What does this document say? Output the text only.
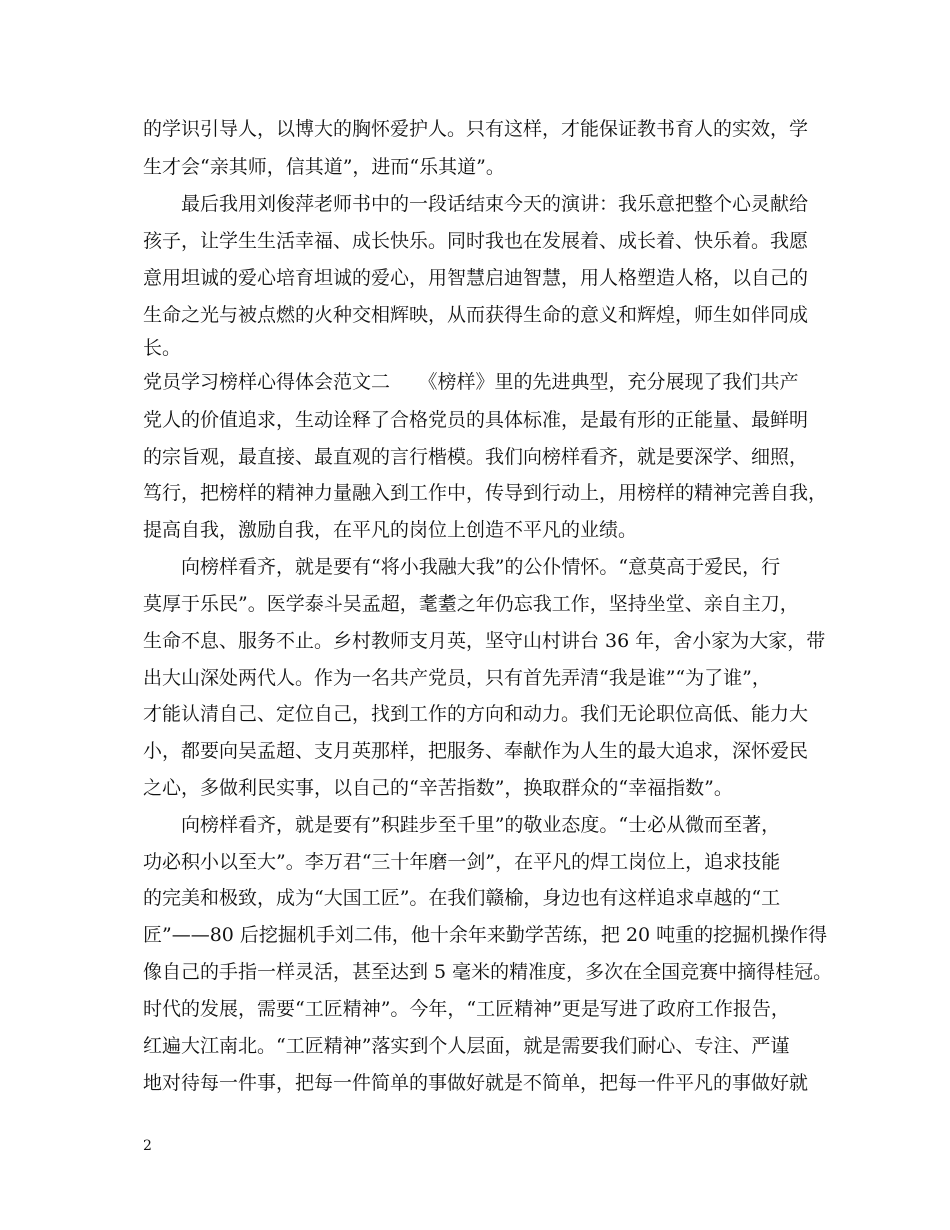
的学识引导人，以博大的胸怀爱护人。只有这样，才能保证教书育人的实效，学
生才会“亲其师，信其道”，进而“乐其道”。
最后我用刘俊萍老师书中的一段话结束今天的演讲：我乐意把整个心灵献给
孩子，让学生生活幸福、成长快乐。同时我也在发展着、成长着、快乐着。我愿
意用坦诚的爱心培育坦诚的爱心，用智慧启迪智慧，用人格塑造人格，以自己的
生命之光与被点燃的火种交相辉映，从而获得生命的意义和辉煌，师生如伴同成
长。
党员学习榜样心得体会范文二　　《榜样》里的先进典型，充分展现了我们共产
党人的价值追求，生动诠释了合格党员的具体标准，是最有形的正能量、最鲜明
的宗旨观，最直接、最直观的言行楷模。我们向榜样看齐，就是要深学、细照，
笃行，把榜样的精神力量融入到工作中，传导到行动上，用榜样的精神完善自我，
提高自我，激励自我，在平凡的岗位上创造不平凡的业绩。
向榜样看齐，就是要有“将小我融大我”的公仆情怀。“意莫高于爱民，行
莫厚于乐民”。医学泰斗吴孟超，耄耋之年仍忘我工作，坚持坐堂、亲自主刀，
生命不息、服务不止。乡村教师支月英，坚守山村讲台 36 年，舍小家为大家，带
出大山深处两代人。作为一名共产党员，只有首先弄清“我是谁”“为了谁”，
才能认清自己、定位自己，找到工作的方向和动力。我们无论职位高低、能力大
小，都要向吴孟超、支月英那样，把服务、奉献作为人生的最大追求，深怀爱民
之心，多做利民实事，以自己的“辛苦指数”，换取群众的“幸福指数”。
向榜样看齐，就是要有”积跬步至千里”的敬业态度。“士必从微而至著，
功必积小以至大”。李万君“三十年磨一剑”，在平凡的焊工岗位上，追求技能
的完美和极致，成为“大国工匠”。在我们赣榆，身边也有这样追求卓越的“工
匠”——80 后挖掘机手刘二伟，他十余年来勤学苦练，把 20 吨重的挖掘机操作得
像自己的手指一样灵活，甚至达到 5 毫米的精准度，多次在全国竞赛中摘得桂冠。
时代的发展，需要“工匠精神”。今年，“工匠精神”更是写进了政府工作报告，
红遍大江南北。“工匠精神”落实到个人层面，就是需要我们耐心、专注、严谨
地对待每一件事，把每一件简单的事做好就是不简单，把每一件平凡的事做好就
2
